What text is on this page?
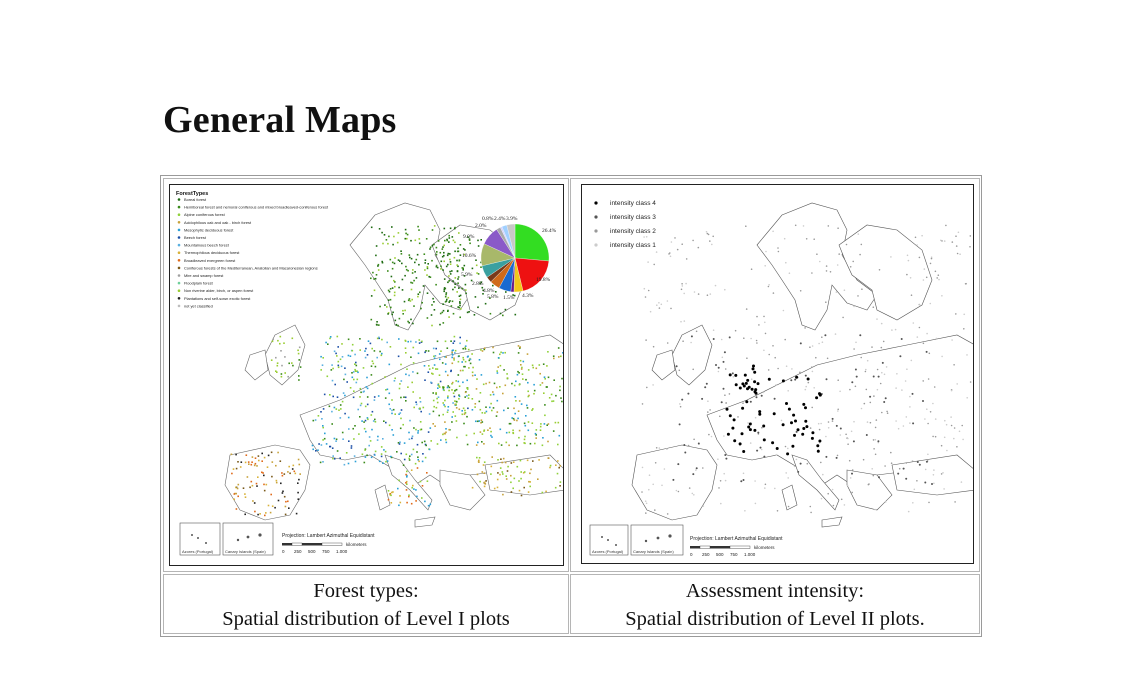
General Maps
ForestTypes
Boreal forest
Hemiboreal forest and nemoral coniferous and mixed broadleaved-coniferous forest
Alpine coniferous forest
Acidophilous oak and oak - birch forest
Mesophytic deciduous forest
Beech forest
Mountainous beech forest
Thermophilous deciduous forest
Broadleaved evergreen forest
Coniferous forests of the Mediterranean, Anatolian and Macaronesian regions
Mire and swamp forest
Floodplain forest
Non riverine alder, birch, or aspen forest
Plantations and self-sown exotic forest
not yet classified
26.4%
19.8%
4.3%
1.5%
5.8%
4.8%
2.8%
5.9%
10.6%
9.0%
2.0%
0.8% 2.4% 3.9%
Azores (Portugal)	Canary Islands (Spain)
Projection: Lambert Azimuthal Equidistant
kilometers
0 250 500 750 1.000
intensity class 4
intensity class 3
intensity class 2
intensity class 1
Azores (Portugal) Canary Islands (Spain)
Projection: Lambert Azimuthal Equidistant
kilometers
0 250 500 750 1.000
Forest types:
Spatial distribution of Level I plots
Assessment intensity:
Spatial distribution of Level II plots.
